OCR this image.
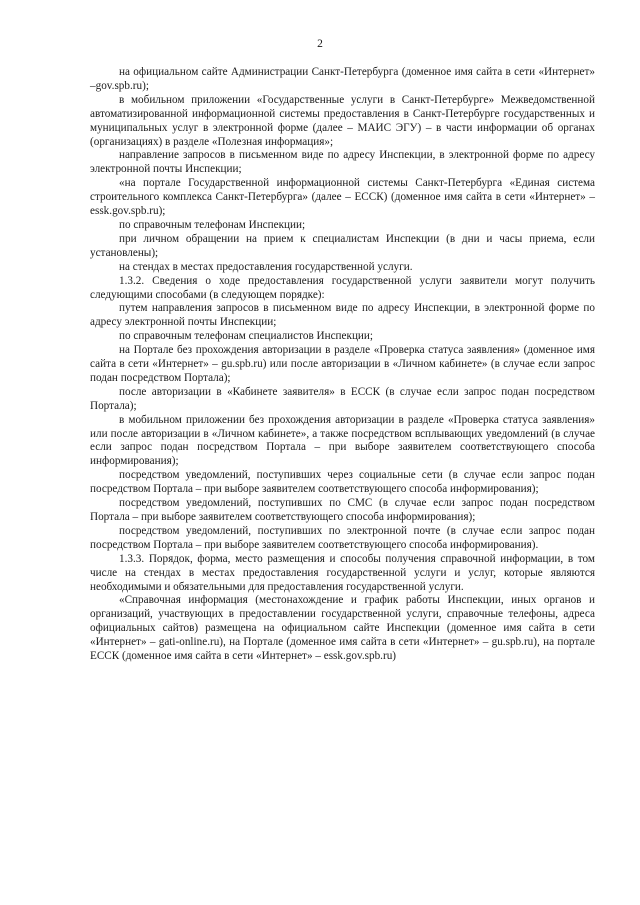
2

на официальном сайте Администрации Санкт-Петербурга (доменное имя сайта в сети «Интернет» –gov.spb.ru);

в мобильном приложении «Государственные услуги в Санкт-Петербурге» Межведомственной автоматизированной информационной системы предоставления в Санкт-Петербурге государственных и муниципальных услуг в электронной форме (далее – МАИС ЭГУ) – в части информации об органах (организациях) в разделе «Полезная информация»;

направление запросов в письменном виде по адресу Инспекции, в электронной форме по адресу электронной почты Инспекции;

«на портале Государственной информационной системы Санкт-Петербурга «Единая система строительного комплекса Санкт-Петербурга» (далее – ЕССК) (доменное имя сайта в сети «Интернет» – essk.gov.spb.ru);

по справочным телефонам Инспекции;

при личном обращении на прием к специалистам Инспекции (в дни и часы приема, если установлены);

на стендах в местах предоставления государственной услуги.

1.3.2. Сведения о ходе предоставления государственной услуги заявители могут получить следующими способами (в следующем порядке):

путем направления запросов в письменном виде по адресу Инспекции, в электронной форме по адресу электронной почты Инспекции;

по справочным телефонам специалистов Инспекции;

на Портале без прохождения авторизации в разделе «Проверка статуса заявления» (доменное имя сайта в сети «Интернет» – gu.spb.ru) или после авторизации в «Личном кабинете» (в случае если запрос подан посредством Портала);

после авторизации в «Кабинете заявителя» в ЕССК (в случае если запрос подан посредством Портала);

в мобильном приложении без прохождения авторизации в разделе «Проверка статуса заявления» или после авторизации в «Личном кабинете», а также посредством всплывающих уведомлений (в случае если запрос подан посредством Портала – при выборе заявителем соответствующего способа информирования);

посредством уведомлений, поступивших через социальные сети (в случае если запрос подан посредством Портала – при выборе заявителем соответствующего способа информирования);

посредством уведомлений, поступивших по СМС (в случае если запрос подан посредством Портала – при выборе заявителем соответствующего способа информирования);

посредством уведомлений, поступивших по электронной почте (в случае если запрос подан посредством Портала – при выборе заявителем соответствующего способа информирования).

1.3.3. Порядок, форма, место размещения и способы получения справочной информации, в том числе на стендах в местах предоставления государственной услуги и услуг, которые являются необходимыми и обязательными для предоставления государственной услуги.

«Справочная информация (местонахождение и график работы Инспекции, иных органов и организаций, участвующих в предоставлении государственной услуги, справочные телефоны, адреса официальных сайтов) размещена на официальном сайте Инспекции (доменное имя сайта в сети «Интернет» – gati-online.ru), на Портале (доменное имя сайта в сети «Интернет» – gu.spb.ru), на портале ЕССК (доменное имя сайта в сети «Интернет» – essk.gov.spb.ru)
